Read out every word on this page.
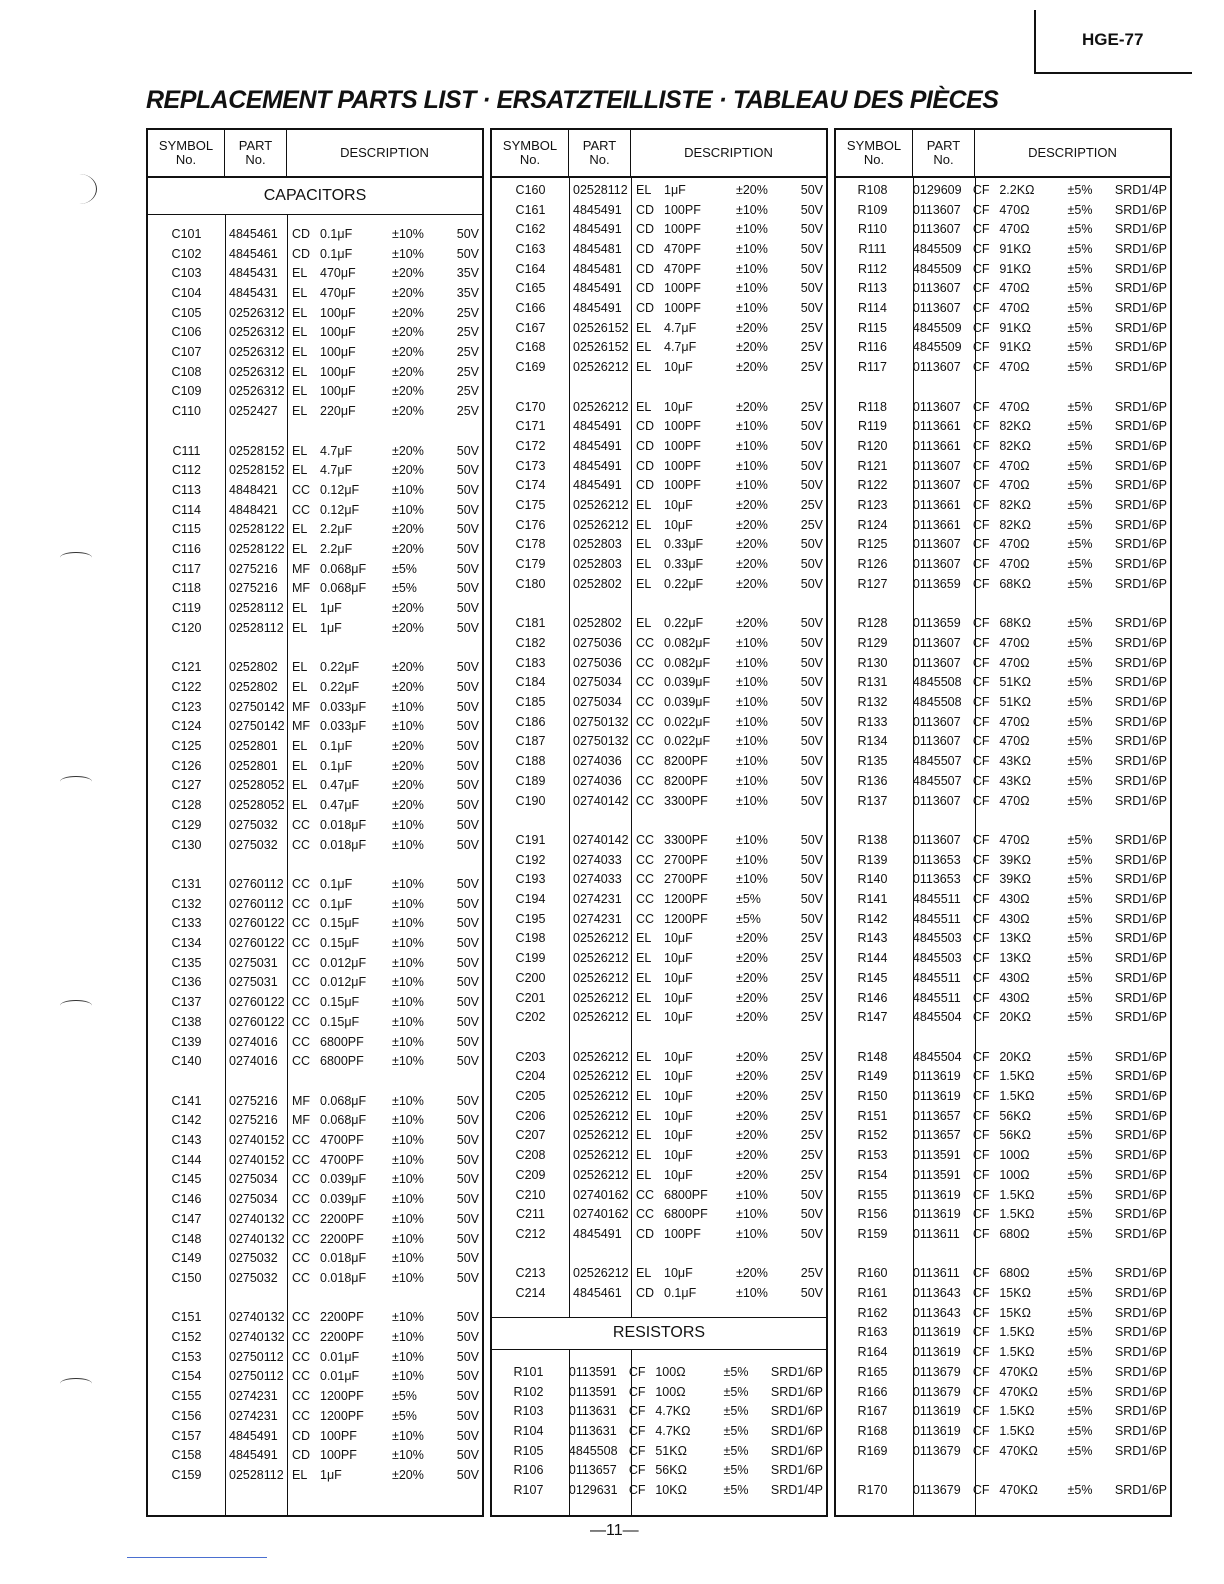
HGE-77
REPLACEMENT PARTS LIST · ERSATZTEILLISTE · TABLEAU DES PIÈCES
SYMBOL
No.
PART
No.	DESCRIPTION
CAPACITORS
C101	4845461	CD 0.1μF	±10%	50V
C102	4845461	CD 0.1μF	±10%	50V
C103	4845431	EL	470μF	±20%	35V
C104	4845431	EL	470μF	±20%	35V
C105	02526312 EL	100μF	±20%	25V
C106	02526312 EL	100μF	±20%	25V
C107	02526312 EL	100μF	±20%	25V
C108	02526312 EL	100μF	±20%	25V
C109	02526312 EL	100μF	±20%	25V
C110	0252427	EL	220μF	±20%	25V
C111	02528152 EL	4.7μF	±20%	50V
C112	02528152 EL	4.7μF	±20%	50V
C113	4848421	CC 0.12μF	±10%	50V
C114	4848421	CC 0.12μF	±10%	50V
C115	02528122 EL	2.2μF	±20%	50V
C116	02528122 EL	2.2μF	±20%	50V
C117	0275216	MF 0.068μF	±5%	50V
C118	0275216	MF 0.068μF	±5%	50V
C119	02528112 EL	1μF	±20%	50V
C120	02528112 EL	1μF	±20%	50V
C121	0252802	EL	0.22μF	±20%	50V
C122	0252802	EL	0.22μF	±20%	50V
C123	02750142 MF 0.033μF	±10%	50V
C124	02750142 MF 0.033μF	±10%	50V
C125	0252801	EL	0.1μF	±20%	50V
C126	0252801	EL	0.1μF	±20%	50V
C127	02528052 EL	0.47μF	±20%	50V
C128	02528052 EL	0.47μF	±20%	50V
C129	0275032	CC 0.018μF	±10%	50V
C130	0275032	CC 0.018μF	±10%	50V
C131	02760112 CC 0.1μF	±10%	50V
C132	02760112 CC 0.1μF	±10%	50V
C133	02760122 CC 0.15μF	±10%	50V
C134	02760122 CC 0.15μF	±10%	50V
C135	0275031	CC 0.012μF	±10%	50V
C136	0275031	CC 0.012μF	±10%	50V
C137	02760122 CC 0.15μF	±10%	50V
C138	02760122 CC 0.15μF	±10%	50V
C139	0274016	CC 6800PF	±10%	50V
C140	0274016	CC 6800PF	±10%	50V
C141	0275216	MF 0.068μF	±10%	50V
C142	0275216	MF 0.068μF	±10%	50V
C143	02740152 CC 4700PF	±10%	50V
C144	02740152 CC 4700PF	±10%	50V
C145	0275034	CC 0.039μF	±10%	50V
C146	0275034	CC 0.039μF	±10%	50V
C147	02740132 CC 2200PF	±10%	50V
C148	02740132 CC 2200PF	±10%	50V
C149	0275032	CC 0.018μF	±10%	50V
C150	0275032	CC 0.018μF	±10%	50V
C151	02740132 CC 2200PF	±10%	50V
C152	02740132 CC 2200PF	±10%	50V
C153	02750112 CC 0.01μF	±10%	50V
C154	02750112 CC 0.01μF	±10%	50V
C155	0274231	CC 1200PF	±5%	50V
C156	0274231	CC 1200PF	±5%	50V
C157	4845491	CD 100PF	±10%	50V
C158	4845491	CD 100PF	±10%	50V
C159	02528112 EL	1μF	±20%	50V
SYMBOL
No.
PART
No.	DESCRIPTION
C160	02528112 EL	1μF	±20%	50V
C161	4845491	CD 100PF	±10%	50V
C162	4845491	CD 100PF	±10%	50V
C163	4845481	CD 470PF	±10%	50V
C164	4845481	CD 470PF	±10%	50V
C165	4845491	CD 100PF	±10%	50V
C166	4845491	CD 100PF	±10%	50V
C167	02526152 EL	4.7μF	±20%	25V
C168	02526152 EL	4.7μF	±20%	25V
C169	02526212 EL	10μF	±20%	25V
C170	02526212 EL	10μF	±20%	25V
C171	4845491	CD 100PF	±10%	50V
C172	4845491	CD 100PF	±10%	50V
C173	4845491	CD 100PF	±10%	50V
C174	4845491	CD 100PF	±10%	50V
C175	02526212 EL	10μF	±20%	25V
C176	02526212 EL	10μF	±20%	25V
C178	0252803	EL	0.33μF	±20%	50V
C179	0252803	EL	0.33μF	±20%	50V
C180	0252802	EL	0.22μF	±20%	50V
C181	0252802	EL	0.22μF	±20%	50V
C182	0275036	CC 0.082μF	±10%	50V
C183	0275036	CC 0.082μF	±10%	50V
C184	0275034	CC 0.039μF	±10%	50V
C185	0275034	CC 0.039μF	±10%	50V
C186	02750132 CC 0.022μF	±10%	50V
C187	02750132 CC 0.022μF	±10%	50V
C188	0274036	CC 8200PF	±10%	50V
C189	0274036	CC 8200PF	±10%	50V
C190	02740142 CC 3300PF	±10%	50V
C191	02740142 CC 3300PF	±10%	50V
C192	0274033	CC 2700PF	±10%	50V
C193	0274033	CC 2700PF	±10%	50V
C194	0274231	CC 1200PF	±5%	50V
C195	0274231	CC 1200PF	±5%	50V
C198	02526212 EL	10μF	±20%	25V
C199	02526212 EL	10μF	±20%	25V
C200	02526212 EL	10μF	±20%	25V
C201	02526212 EL	10μF	±20%	25V
C202	02526212 EL	10μF	±20%	25V
C203	02526212 EL	10μF	±20%	25V
C204	02526212 EL	10μF	±20%	25V
C205	02526212 EL	10μF	±20%	25V
C206	02526212 EL	10μF	±20%	25V
C207	02526212 EL	10μF	±20%	25V
C208	02526212 EL	10μF	±20%	25V
C209	02526212 EL	10μF	±20%	25V
C210	02740162 CC 6800PF	±10%	50V
C211	02740162 CC 6800PF	±10%	50V
C212	4845491	CD 100PF	±10%	50V
C213	02526212 EL	10μF	±20%	25V
C214	4845461	CD 0.1μF	±10%	50V
RESISTORS
R101	0113591 CF 100Ω	±5%	SRD1/6P
R102	0113591 CF 100Ω	±5%	SRD1/6P
R103	0113631 CF 4.7KΩ	±5%	SRD1/6P
R104	0113631 CF 4.7KΩ	±5%	SRD1/6P
R105	4845508 CF 51KΩ	±5%	SRD1/6P
R106	0113657 CF 56KΩ	±5%	SRD1/6P
R107	0129631 CF 10KΩ	±5%	SRD1/4P
SYMBOL
No.
PART
No.	DESCRIPTION
R108	0129609 CF 2.2KΩ	±5%	SRD1/4P
R109	0113607 CF 470Ω	±5%	SRD1/6P
R110	0113607 CF 470Ω	±5%	SRD1/6P
R111	4845509 CF 91KΩ	±5%	SRD1/6P
R112	4845509 CF 91KΩ	±5%	SRD1/6P
R113	0113607 CF 470Ω	±5%	SRD1/6P
R114	0113607 CF 470Ω	±5%	SRD1/6P
R115	4845509 CF 91KΩ	±5%	SRD1/6P
R116	4845509 CF 91KΩ	±5%	SRD1/6P
R117	0113607 CF 470Ω	±5%	SRD1/6P
R118	0113607 CF 470Ω	±5%	SRD1/6P
R119	0113661 CF 82KΩ	±5%	SRD1/6P
R120	0113661 CF 82KΩ	±5%	SRD1/6P
R121	0113607 CF 470Ω	±5%	SRD1/6P
R122	0113607 CF 470Ω	±5%	SRD1/6P
R123	0113661 CF 82KΩ	±5%	SRD1/6P
R124	0113661 CF 82KΩ	±5%	SRD1/6P
R125	0113607 CF 470Ω	±5%	SRD1/6P
R126	0113607 CF 470Ω	±5%	SRD1/6P
R127	0113659 CF 68KΩ	±5%	SRD1/6P
R128	0113659 CF 68KΩ	±5%	SRD1/6P
R129	0113607 CF 470Ω	±5%	SRD1/6P
R130	0113607 CF 470Ω	±5%	SRD1/6P
R131	4845508 CF 51KΩ	±5%	SRD1/6P
R132	4845508 CF 51KΩ	±5%	SRD1/6P
R133	0113607 CF 470Ω	±5%	SRD1/6P
R134	0113607 CF 470Ω	±5%	SRD1/6P
R135	4845507 CF 43KΩ	±5%	SRD1/6P
R136	4845507 CF 43KΩ	±5%	SRD1/6P
R137	0113607 CF 470Ω	±5%	SRD1/6P
R138	0113607 CF 470Ω	±5%	SRD1/6P
R139	0113653 CF 39KΩ	±5%	SRD1/6P
R140	0113653 CF 39KΩ	±5%	SRD1/6P
R141	4845511 CF 430Ω	±5%	SRD1/6P
R142	4845511 CF 430Ω	±5%	SRD1/6P
R143	4845503 CF 13KΩ	±5%	SRD1/6P
R144	4845503 CF 13KΩ	±5%	SRD1/6P
R145	4845511 CF 430Ω	±5%	SRD1/6P
R146	4845511 CF 430Ω	±5%	SRD1/6P
R147	4845504 CF 20KΩ	±5%	SRD1/6P
R148	4845504 CF 20KΩ	±5%	SRD1/6P
R149	0113619 CF 1.5KΩ	±5%	SRD1/6P
R150	0113619 CF 1.5KΩ	±5%	SRD1/6P
R151	0113657 CF 56KΩ	±5%	SRD1/6P
R152	0113657 CF 56KΩ	±5%	SRD1/6P
R153	0113591 CF 100Ω	±5%	SRD1/6P
R154	0113591 CF 100Ω	±5%	SRD1/6P
R155	0113619 CF 1.5KΩ	±5%	SRD1/6P
R156	0113619 CF 1.5KΩ	±5%	SRD1/6P
R159	0113611	CF 680Ω	±5%	SRD1/6P
R160	0113611	CF 680Ω	±5%	SRD1/6P
R161	0113643 CF 15KΩ	±5%	SRD1/6P
R162	0113643 CF 15KΩ	±5%	SRD1/6P
R163	0113619 CF 1.5KΩ	±5%	SRD1/6P
R164	0113619 CF 1.5KΩ	±5%	SRD1/6P
R165	0113679 CF 470KΩ	±5%	SRD1/6P
R166	0113679 CF 470KΩ	±5%	SRD1/6P
R167	0113619 CF 1.5KΩ	±5%	SRD1/6P
R168	0113619 CF 1.5KΩ	±5%	SRD1/6P
R169	0113679 CF 470KΩ	±5%	SRD1/6P
R170	0113679 CF 470KΩ	±5%	SRD1/6P
—11—
